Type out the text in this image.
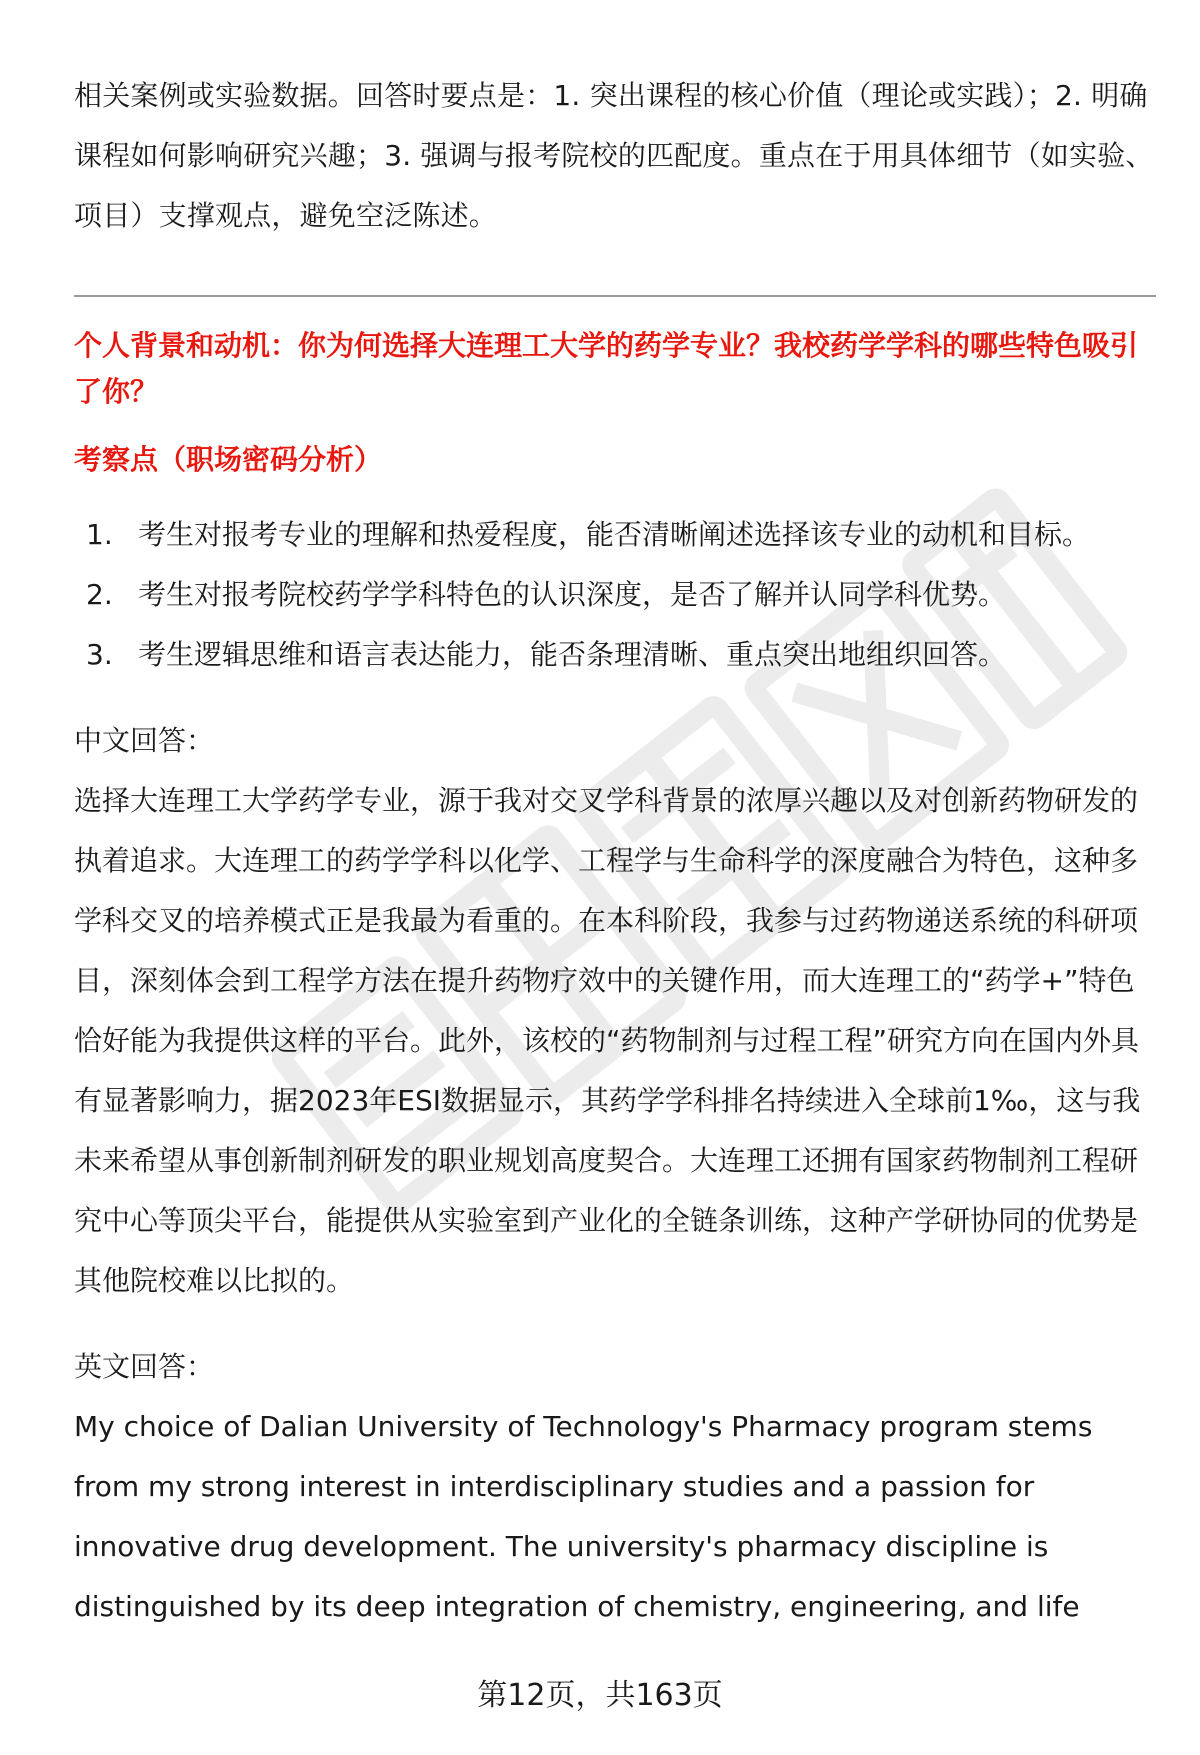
相关案例或实验数据。回答时要点是：1. 突出课程的核心价值（理论或实践）；2. 明确课程如何影响研究兴趣；3. 强调与报考院校的匹配度。重点在于用具体细节（如实验、项目）支撑观点，避免空泛陈述。

个人背景和动机：你为何选择大连理工大学的药学专业？我校药学学科的哪些特色吸引了你？

考察点（职场密码分析）

1. 考生对报考专业的理解和热爱程度，能否清晰阐述选择该专业的动机和目标。
2. 考生对报考院校药学学科特色的认识深度，是否了解并认同学科优势。
3. 考生逻辑思维和语言表达能力，能否条理清晰、重点突出地组织回答。

中文回答：

选择大连理工大学药学专业，源于我对交叉学科背景的浓厚兴趣以及对创新药物研发的执着追求。大连理工的药学学科以化学、工程学与生命科学的深度融合为特色，这种多学科交叉的培养模式正是我最为看重的。在本科阶段，我参与过药物递送系统的科研项目，深刻体会到工程学方法在提升药物疗效中的关键作用，而大连理工的“药学+”特色恰好能为我提供这样的平台。此外，该校的“药物制剂与过程工程”研究方向在国内外具有显著影响力，据2023年ESI数据显示，其药学学科排名持续进入全球前1‰，这与我未来希望从事创新制剂研发的职业规划高度契合。大连理工还拥有国家药物制剂工程研究中心等顶尖平台，能提供从实验室到产业化的全链条训练，这种产学研协同的优势是其他院校难以比拟的。

英文回答：

My choice of Dalian University of Technology's Pharmacy program stems from my strong interest in interdisciplinary studies and a passion for innovative drug development. The university's pharmacy discipline is distinguished by its deep integration of chemistry, engineering, and life

第12页，共163页
